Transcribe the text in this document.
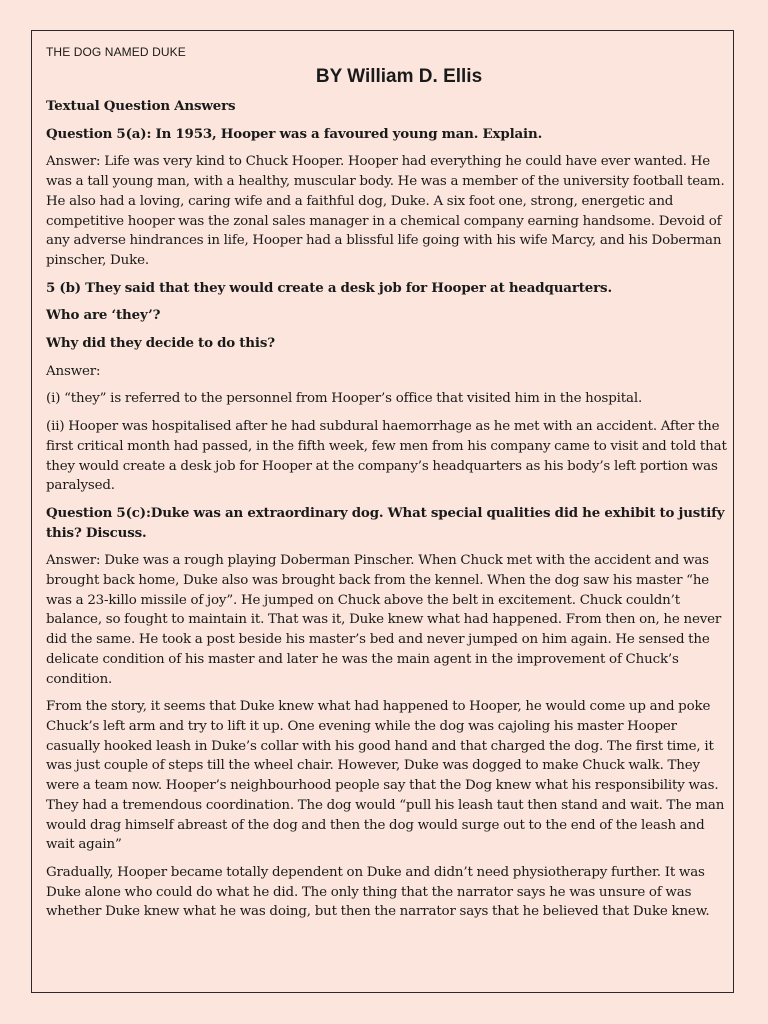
THE DOG NAMED DUKE
BY William D. Ellis
Textual Question Answers
Question 5(a): In 1953, Hooper was a favoured young man. Explain.
Answer: Life was very kind to Chuck Hooper. Hooper had everything he could have ever wanted. He was a tall young man, with a healthy, muscular body. He was a member of the university football team. He also had a loving, caring wife and a faithful dog, Duke. A six foot one, strong, energetic and competitive hooper was the zonal sales manager in a chemical company earning handsome. Devoid of any adverse hindrances in life, Hooper had a blissful life going with his wife Marcy, and his Doberman pinscher, Duke.
5 (b) They said that they would create a desk job for Hooper at headquarters.
Who are ‘they’?
Why did they decide to do this?
Answer:
(i) “they” is referred to the personnel from Hooper’s office that visited him in the hospital.
(ii) Hooper was hospitalised after he had subdural haemorrhage as he met with an accident. After the first critical month had passed, in the fifth week, few men from his company came to visit and told that they would create a desk job for Hooper at the company’s headquarters as his body’s left portion was paralysed.
Question 5(c):Duke was an extraordinary dog. What special qualities did he exhibit to justify this? Discuss.
Answer: Duke was a rough playing Doberman Pinscher. When Chuck met with the accident and was brought back home, Duke also was brought back from the kennel. When the dog saw his master “he was a 23-killo missile of joy”. He jumped on Chuck above the belt in excitement. Chuck couldn’t balance, so fought to maintain it. That was it, Duke knew what had happened. From then on, he never did the same. He took a post beside his master’s bed and never jumped on him again. He sensed the delicate condition of his master and later he was the main agent in the improvement of Chuck’s condition.
From the story, it seems that Duke knew what had happened to Hooper, he would come up and poke Chuck’s left arm and try to lift it up. One evening while the dog was cajoling his master Hooper casually hooked leash in Duke’s collar with his good hand and that charged the dog. The first time, it was just couple of steps till the wheel chair. However, Duke was dogged to make Chuck walk. They were a team now. Hooper’s neighbourhood people say that the Dog knew what his responsibility was. They had a tremendous coordination. The dog would “pull his leash taut then stand and wait. The man would drag himself abreast of the dog and then the dog would surge out to the end of the leash and wait again”
Gradually, Hooper became totally dependent on Duke and didn’t need physiotherapy further. It was Duke alone who could do what he did. The only thing that the narrator says he was unsure of was whether Duke knew what he was doing, but then the narrator says that he believed that Duke knew.
